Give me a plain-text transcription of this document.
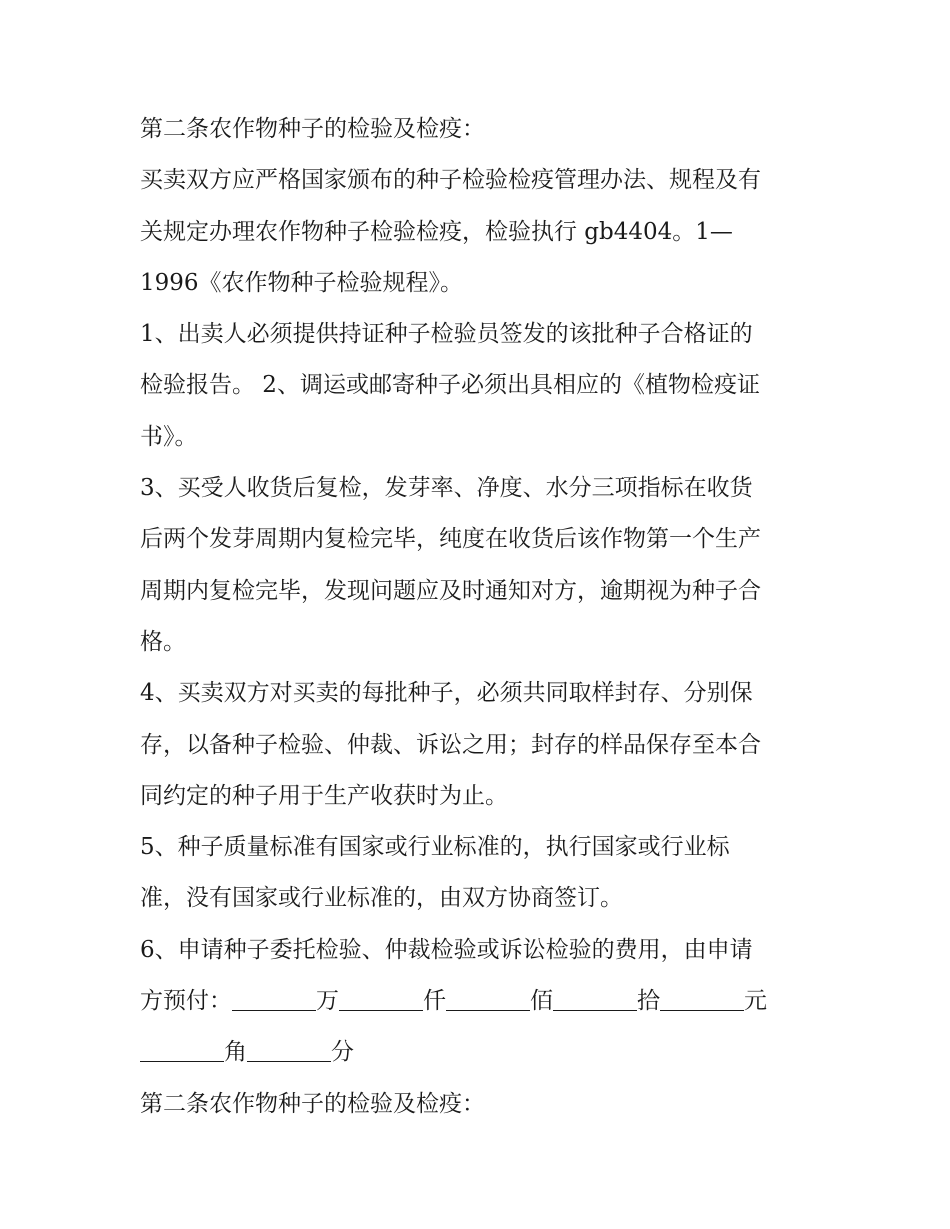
第二条农作物种子的检验及检疫：
买卖双方应严格国家颁布的种子检验检疫管理办法、规程及有
关规定办理农作物种子检验检疫，检验执行 gb4404。1—
1996《农作物种子检验规程》。
1、出卖人必须提供持证种子检验员签发的该批种子合格证的
检验报告。 2、调运或邮寄种子必须出具相应的《植物检疫证
书》。
3、买受人收货后复检，发芽率、净度、水分三项指标在收货
后两个发芽周期内复检完毕，纯度在收货后该作物第一个生产
周期内复检完毕，发现问题应及时通知对方，逾期视为种子合
格。
4、买卖双方对买卖的每批种子，必须共同取样封存、分别保
存，以备种子检验、仲裁、诉讼之用；封存的样品保存至本合
同约定的种子用于生产收获时为止。
5、种子质量标准有国家或行业标准的，执行国家或行业标
准，没有国家或行业标准的，由双方协商签订。
6、申请种子委托检验、仲裁检验或诉讼检验的费用，由申请
方预付：	万	仟	佰	拾	元
角	分
第二条农作物种子的检验及检疫：
